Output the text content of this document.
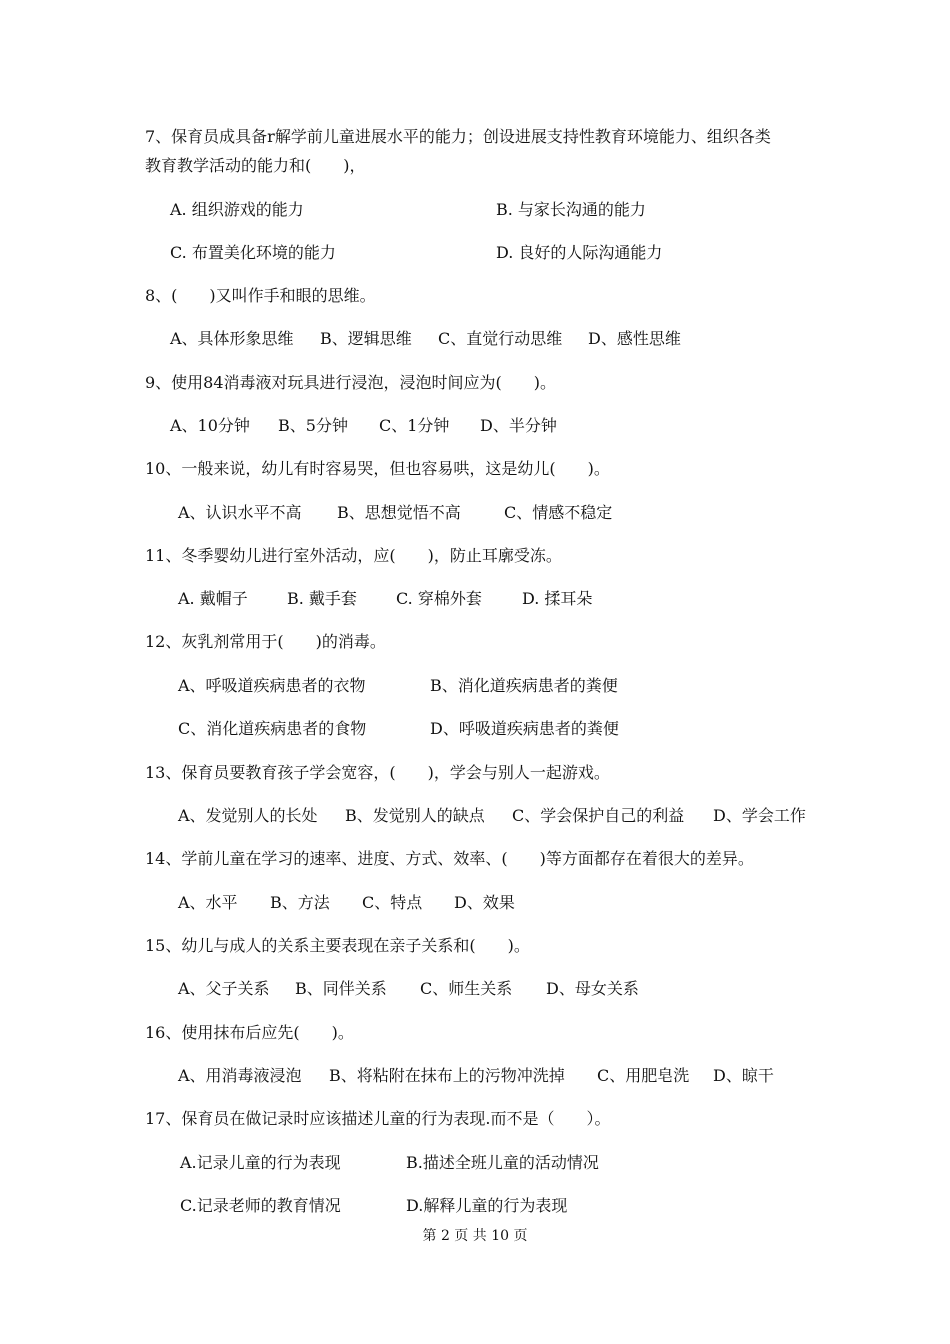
7、保育员成具备r解学前儿童进展水平的能力；创设进展支持性教育环境能力、组织各类
教育教学活动的能力和(　　)，
A. 组织游戏的能力	B. 与家长沟通的能力
C. 布置美化环境的能力	D. 良好的人际沟通能力
8、(　　)又叫作手和眼的思维。
A、具体形象思维 B、逻辑思维 C、直觉行动思维 D、感性思维
9、使用84消毒液对玩具进行浸泡，浸泡时间应为(　　)。
A、10分钟 B、5分钟 C、1分钟 D、半分钟
10、一般来说，幼儿有时容易哭，但也容易哄，这是幼儿(　　)。
A、认识水平不高 B、思想觉悟不高	C、情感不稳定
11、冬季婴幼儿进行室外活动，应(　　)，防止耳廓受冻。
A. 戴帽子 B. 戴手套 C. 穿棉外套	D. 揉耳朵
12、灰乳剂常用于(　　)的消毒。
A、呼吸道疾病患者的衣物	B、消化道疾病患者的粪便
C、消化道疾病患者的食物	D、呼吸道疾病患者的粪便
13、保育员要教育孩子学会宽容，(　　)，学会与别人一起游戏。
A、发觉别人的长处 B、发觉别人的缺点 C、学会保护自己的利益 D、学会工作
14、学前儿童在学习的速率、进度、方式、效率、(　　)等方面都存在着很大的差异。
A、水平 B、方法 C、特点 D、效果
15、幼儿与成人的关系主要表现在亲子关系和(　　)。
A、父子关系 B、同伴关系 C、师生关系 D、母女关系
16、使用抹布后应先(　　)。
A、用消毒液浸泡 B、将粘附在抹布上的污物冲洗掉 C、用肥皂洗 D、晾干
17、保育员在做记录时应该描述儿童的行为表现.而不是（　　）。
A.记录儿童的行为表现	B.描述全班儿童的活动情况
C.记录老师的教育情况	D.解释儿童的行为表现
第 2 页 共 10 页
